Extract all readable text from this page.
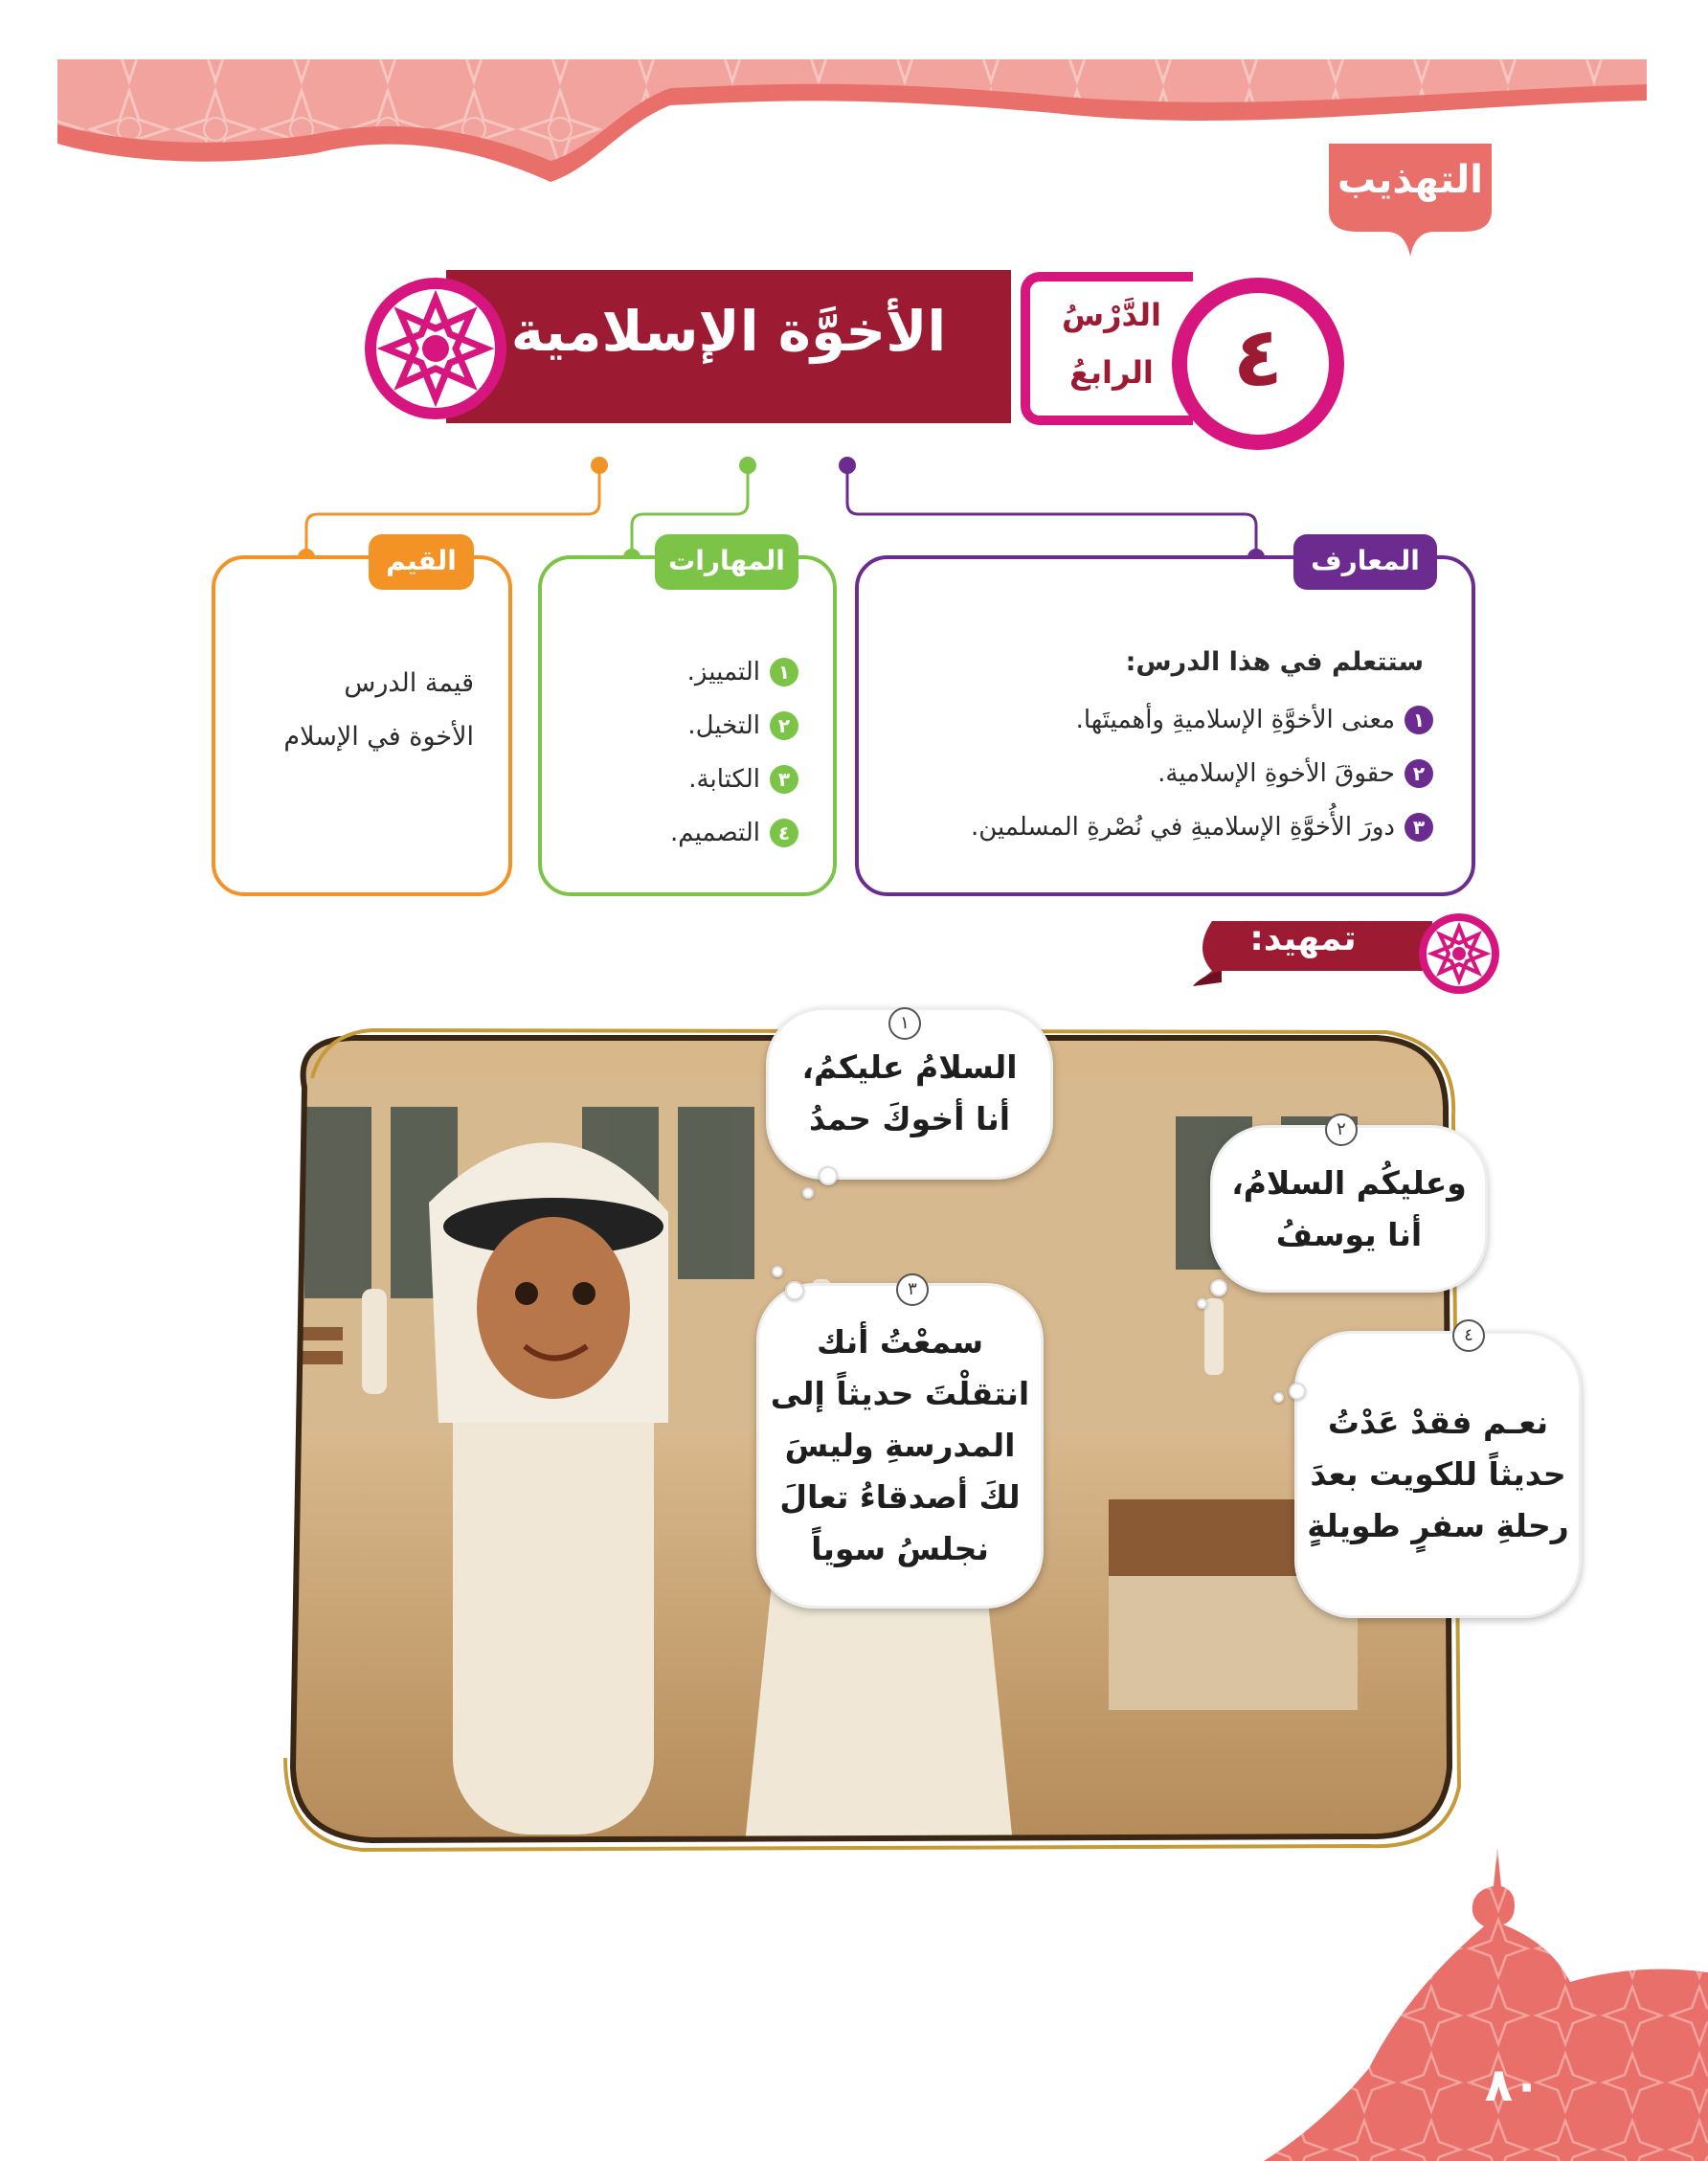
التهذيب
الدَّرْسُ
الرابعُ ٤
الأخوَّة الإسلامية
المعارف
ستتعلم في هذا الدرس:
١
معنى الأخوَّةِ الإسلاميةِ وأهميتَها.
٢
حقوقَ الأخوةِ الإسلامية.
٣
دورَ الأُخوَّةِ الإسلاميةِ في نُصْرةِ المسلمين.
المهارات
١
التمييز.
٢
التخيل.
٣
الكتابة.
٤
التصميم.
القيم
قيمة الدرس
الأخوة في الإسلام
تمهيد:
السلامُ عليكمُ،
أنا أخوكَ حمدُ
١
وعليكُم السلامُ،
أنا يوسفُ
٢
سمعْتُ أنك
انتقلْتَ حديثاً إلى
المدرسةِ وليسَ
لكَ أصدقاءُ تعالَ
نجلسُ سوياً
٣
نعـم فقدْ عَدْتُ
حديثاً للكويت بعدَ
رحلةِ سفرٍ طويلةٍ
٤
٨٠
